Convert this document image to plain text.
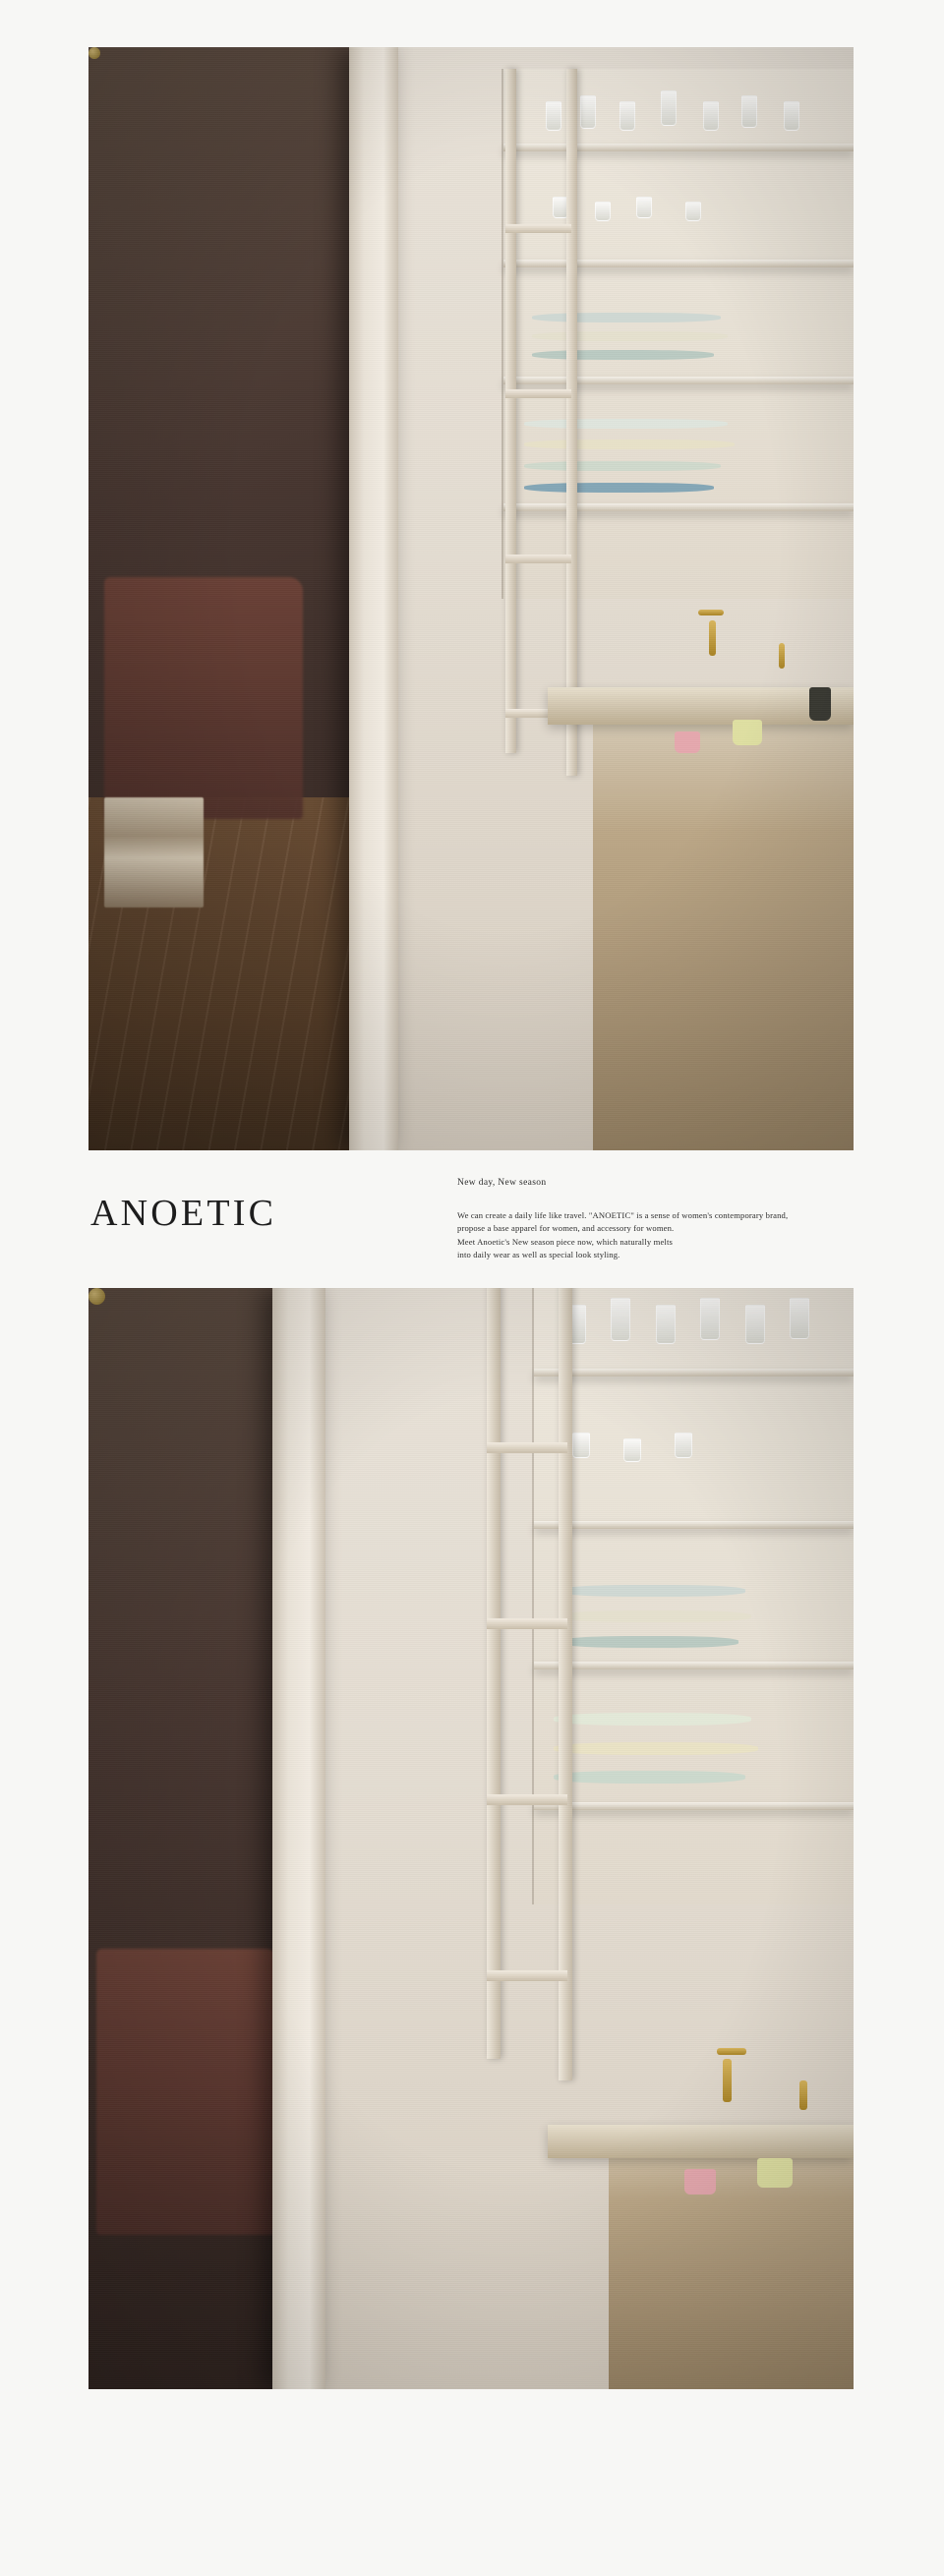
ANOETIC

New day, New season

We can create a daily life like travel. "ANOETIC" is a sense of women's contemporary brand,
propose a base apparel for women, and accessory for women.
Meet Anoetic's New season piece now, which naturally melts
into daily wear as well as special look styling.
